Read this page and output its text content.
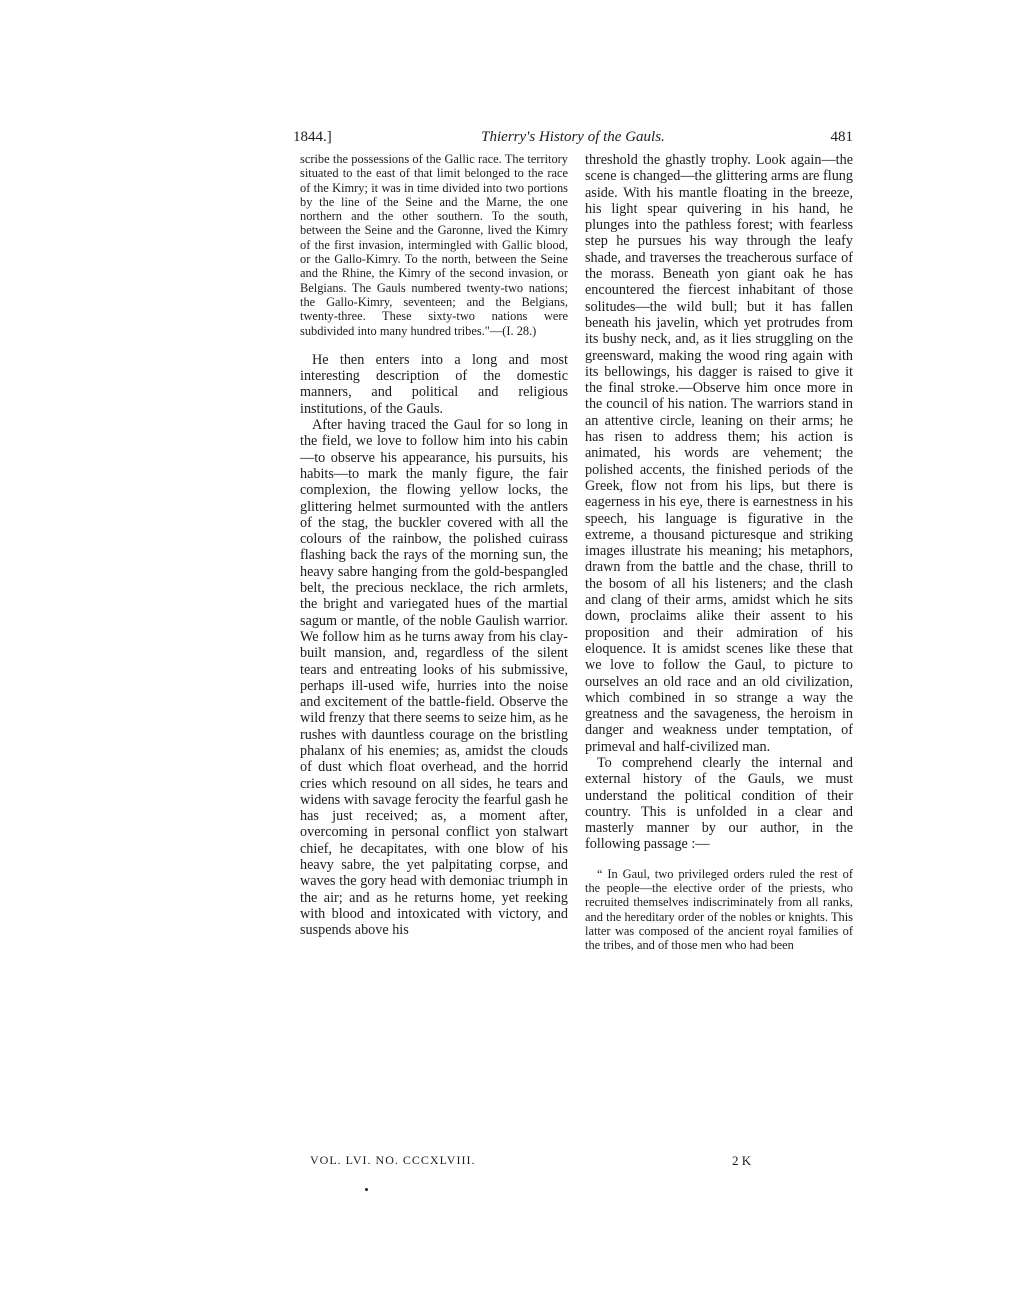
1844.]	Thierry's History of the Gauls.	481

scribe the possessions of the Gallic race. The territory situated to the east of that limit belonged to the race of the Kimry; it was in time divided into two portions by the line of the Seine and the Marne, the one northern and the other southern. To the south, between the Seine and the Garonne, lived the Kimry of the first invasion, intermingled with Gallic blood, or the Gallo-Kimry. To the north, between the Seine and the Rhine, the Kimry of the second invasion, or Belgians. The Gauls numbered twenty-two nations; the Gallo-Kimry, seventeen; and the Belgians, twenty-three. These sixty-two nations were subdivided into many hundred tribes."—(I. 28.)

He then enters into a long and most interesting description of the domestic manners, and political and religious institutions, of the Gauls.

After having traced the Gaul for so long in the field, we love to follow him into his cabin—to observe his appearance, his pursuits, his habits—to mark the manly figure, the fair complexion, the flowing yellow locks, the glittering helmet surmounted with the antlers of the stag, the buckler covered with all the colours of the rainbow, the polished cuirass flashing back the rays of the morning sun, the heavy sabre hanging from the gold-bespangled belt, the precious necklace, the rich armlets, the bright and variegated hues of the martial sagum or mantle, of the noble Gaulish warrior. We follow him as he turns away from his clay-built mansion, and, regardless of the silent tears and entreating looks of his submissive, perhaps ill-used wife, hurries into the noise and excitement of the battle-field. Observe the wild frenzy that there seems to seize him, as he rushes with dauntless courage on the bristling phalanx of his enemies; as, amidst the clouds of dust which float overhead, and the horrid cries which resound on all sides, he tears and widens with savage ferocity the fearful gash he has just received; as, a moment after, overcoming in personal conflict yon stalwart chief, he decapitates, with one blow of his heavy sabre, the yet palpitating corpse, and waves the gory head with demoniac triumph in the air; and as he returns home, yet reeking with blood and intoxicated with victory, and suspends above his

threshold the ghastly trophy. Look again—the scene is changed—the glittering arms are flung aside. With his mantle floating in the breeze, his light spear quivering in his hand, he plunges into the pathless forest; with fearless step he pursues his way through the leafy shade, and traverses the treacherous surface of the morass. Beneath yon giant oak he has encountered the fiercest inhabitant of those solitudes—the wild bull; but it has fallen beneath his javelin, which yet protrudes from its bushy neck, and, as it lies struggling on the greensward, making the wood ring again with its bellowings, his dagger is raised to give it the final stroke.—Observe him once more in the council of his nation. The warriors stand in an attentive circle, leaning on their arms; he has risen to address them; his action is animated, his words are vehement; the polished accents, the finished periods of the Greek, flow not from his lips, but there is eagerness in his eye, there is earnestness in his speech, his language is figurative in the extreme, a thousand picturesque and striking images illustrate his meaning; his metaphors, drawn from the battle and the chase, thrill to the bosom of all his listeners; and the clash and clang of their arms, amidst which he sits down, proclaims alike their assent to his proposition and their admiration of his eloquence. It is amidst scenes like these that we love to follow the Gaul, to picture to ourselves an old race and an old civilization, which combined in so strange a way the greatness and the savageness, the heroism in danger and weakness under temptation, of primeval and half-civilized man.

To comprehend clearly the internal and external history of the Gauls, we must understand the political condition of their country. This is unfolded in a clear and masterly manner by our author, in the following passage :—

“ In Gaul, two privileged orders ruled the rest of the people—the elective order of the priests, who recruited themselves indiscriminately from all ranks, and the hereditary order of the nobles or knights. This latter was composed of the ancient royal families of the tribes, and of those men who had been

VOL. LVI. NO. CCCXLVIII.	2 K
